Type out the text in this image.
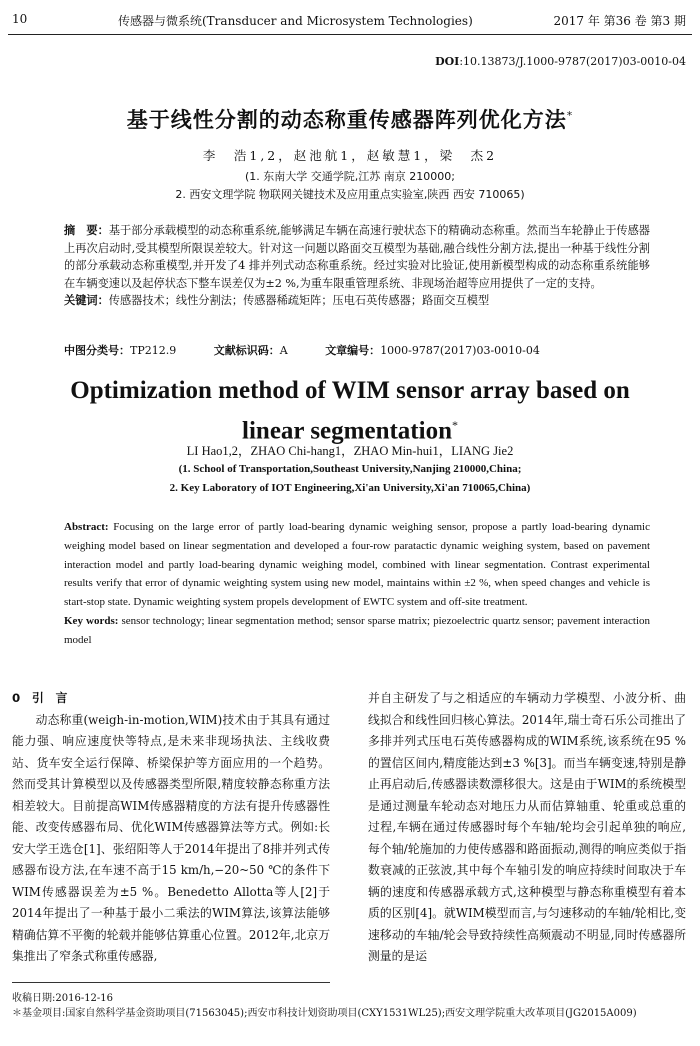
10	传感器与微系统(Transducer and Microsystem Technologies)	2017 年 第36 卷 第3 期
DOI:10.13873/J.1000-9787(2017)03-0010-04
基于线性分割的动态称重传感器阵列优化方法*
李　浩1,2，赵池航1，赵敏慧1，梁　杰2
(1. 东南大学 交通学院,江苏 南京 210000;
2. 西安文理学院 物联网关键技术及应用重点实验室,陕西 西安 710065)
摘　要：基于部分承载模型的动态称重系统,能够满足车辆在高速行驶状态下的精确动态称重。然而当车轮静止于传感器上再次启动时,受其模型所限误差较大。针对这一问题以路面交互模型为基础,融合线性分割方法,提出一种基于线性分割的部分承载动态称重模型,并开发了4 排并列式动态称重系统。经过实验对比验证,使用新模型构成的动态称重系统能够在车辆变速以及起停状态下整车误差仅为±2 %,为重车限重管理系统、非现场治超等应用提供了一定的支持。
关键词：传感器技术；线性分割法；传感器稀疏矩阵；压电石英传感器；路面交互模型
中图分类号：TP212.9	文献标识码：A	文章编号：1000-9787(2017)03-0010-04
Optimization method of WIM sensor array based on
linear segmentation*
LI Hao1,2，ZHAO Chi-hang1，ZHAO Min-hui1，LIANG Jie2
(1. School of Transportation,Southeast University,Nanjing 210000,China;
2. Key Laboratory of IOT Engineering,Xi'an University,Xi'an 710065,China)
Abstract: Focusing on the large error of partly load-bearing dynamic weighing sensor, propose a partly load-bearing dynamic weighing model based on linear segmentation and developed a four-row paratactic dynamic weighing system, based on pavement interaction model and partly load-bearing dynamic weighing model, combined with linear segmentation. Contrast experimental results verify that error of dynamic weighting system using new model, maintains within ±2 %, when speed changes and vehicle is start-stop state. Dynamic weighting system propels development of EWTC system and off-site treatment.
Key words: sensor technology; linear segmentation method; sensor sparse matrix; piezoelectric quartz sensor; pavement interaction model
0　引　言
动态称重(weigh-in-motion,WIM)技术由于其具有通过能力强、响应速度快等特点,是未来非现场执法、主线收费站、货车安全运行保障、桥梁保护等方面应用的一个趋势。然而受其计算模型以及传感器类型所限,精度较静态称重方法相差较大。目前提高WIM传感器精度的方法有提升传感器性能、改变传感器布局、优化WIM传感器算法等方式。例如:长安大学王选仓[1]、张绍阳等人于2014年提出了8排并列式传感器布设方法,在车速不高于15 km/h,−20~50 ℃的条件下WIM传感器误差为±5 %。Benedetto Allotta等人[2]于2014年提出了一种基于最小二乘法的WIM算法,该算法能够精确估算不平衡的轮载并能够估算重心位置。2012年,北京万集推出了窄条式称重传感器,
并自主研发了与之相适应的车辆动力学模型、小波分析、曲线拟合和线性回归核心算法。2014年,瑞士奇石乐公司推出了多排并列式压电石英传感器构成的WIM系统,该系统在95 %的置信区间内,精度能达到±3 %[3]。而当车辆变速,特别是静止再启动后,传感器读数漂移很大。这是由于WIM的系统模型是通过测量车轮动态对地压力从而估算轴重、轮重或总重的过程,车辆在通过传感器时每个车轴/轮均会引起单独的响应,每个轴/轮施加的力使传感器和路面振动,测得的响应类似于指数衰减的正弦波,其中每个车轴引发的响应持续时间取决于车辆的速度和传感器承载方式,这种模型与静态称重模型有着本质的区别[4]。就WIM模型而言,与匀速移动的车轴/轮相比,变速移动的车轴/轮会导致持续性高频震动不明显,同时传感器所测量的是运
收稿日期:2016-12-16
＊基金项目:国家自然科学基金资助项目(71563045);西安市科技计划资助项目(CXY1531WL25);西安文理学院重大改革项目(JG2015A009)
